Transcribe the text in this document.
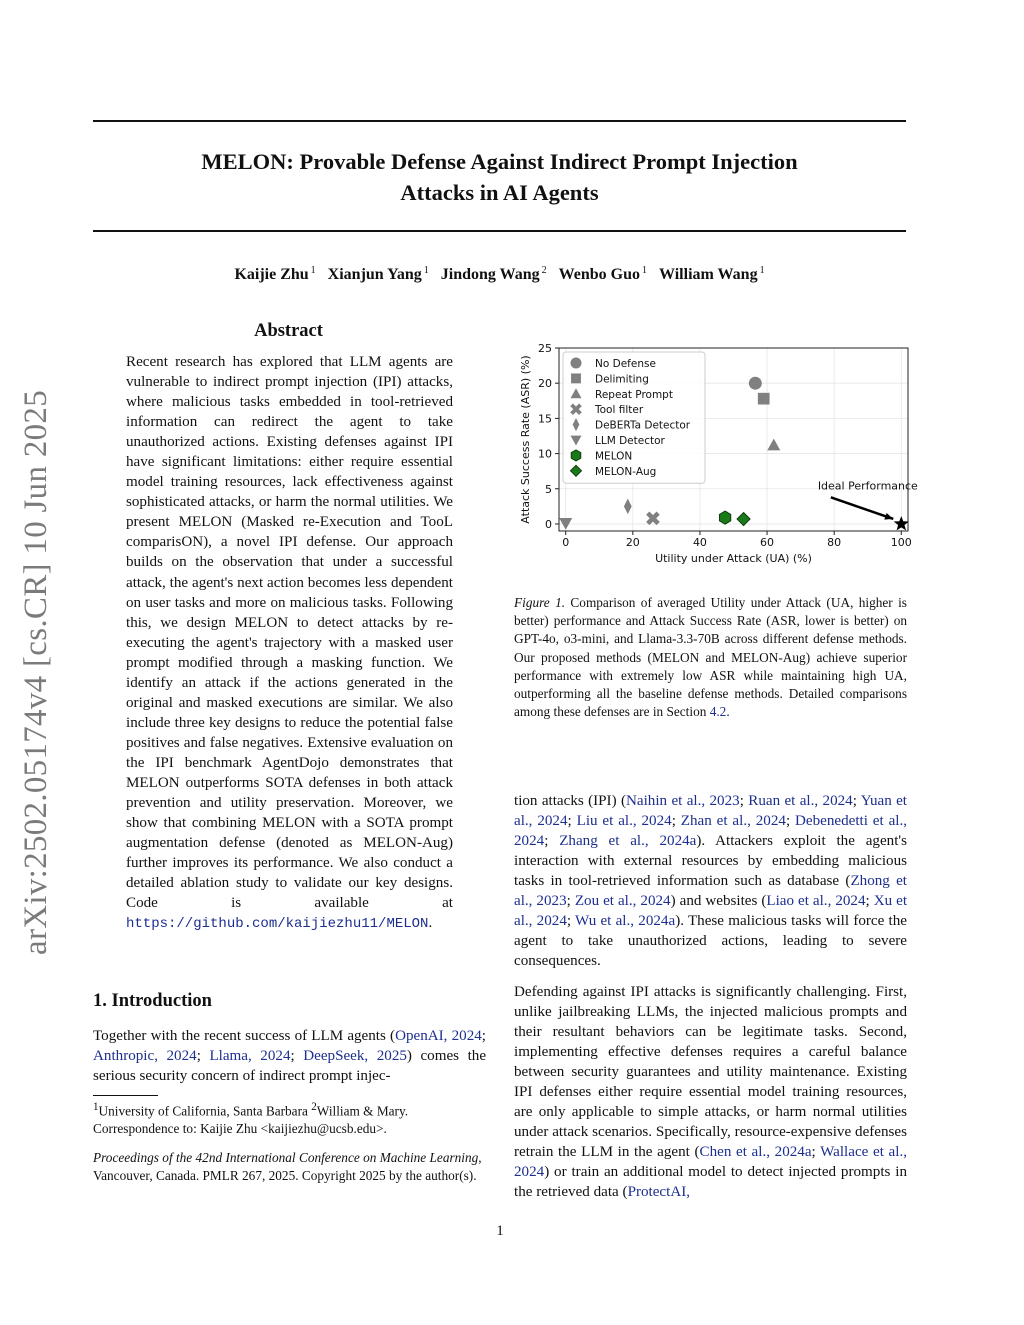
MELON: Provable Defense Against Indirect Prompt Injection
Attacks in AI Agents
Kaijie Zhu $^1$ Xianjun Yang $^1$ Jindong Wang $^2$ Wenbo Guo $^1$ William Wang $^1$
arXiv:2502.05174v4 [cs.CR] 10 Jun 2025
Abstract
Recent research has explored that LLM agents are vulnerable to indirect prompt injection (IPI) attacks, where malicious tasks embedded in tool-retrieved information can redirect the agent to take unauthorized actions. Existing defenses against IPI have significant limitations: either require essential model training resources, lack effectiveness against sophisticated attacks, or harm the normal utilities. We present MELON (Masked re-Execution and TooL comparisON), a novel IPI defense. Our approach builds on the observation that under a successful attack, the agent's next action becomes less dependent on user tasks and more on malicious tasks. Following this, we design MELON to detect attacks by re-executing the agent's trajectory with a masked user prompt modified through a masking function. We identify an attack if the actions generated in the original and masked executions are similar. We also include three key designs to reduce the potential false positives and false negatives. Extensive evaluation on the IPI benchmark AgentDojo demonstrates that MELON outperforms SOTA defenses in both attack prevention and utility preservation. Moreover, we show that combining MELON with a SOTA prompt augmentation defense (denoted as MELON-Aug) further improves its performance. We also conduct a detailed ablation study to validate our key designs. Code is available at https://github.com/kaijiezhu11/MELON.
1. Introduction
Together with the recent success of LLM agents (OpenAI, 2024; Anthropic, 2024; Llama, 2024; DeepSeek, 2025) comes the serious security concern of indirect prompt injec-
$^1$University of California, Santa Barbara $^2$William & Mary. Correspondence to: Kaijie Zhu <kaijiezhu@ucsb.edu>.
Proceedings of the 42nd International Conference on Machine Learning, Vancouver, Canada. PMLR 267, 2025. Copyright 2025 by the author(s).
0	20	40	60	80	100
0
5
10
15
20
25
Utility under Attack (UA) (%)
Attack Success Rate (ASR) (%)	Ideal Performance
No Defense
Delimiting
Repeat Prompt
Tool filter
DeBERTa Detector
LLM Detector
MELON
MELON-Aug
Figure 1. Comparison of averaged Utility under Attack (UA, higher is better) performance and Attack Success Rate (ASR, lower is better) on GPT-4o, o3-mini, and Llama-3.3-70B across different defense methods. Our proposed methods (MELON and MELON-Aug) achieve superior performance with extremely low ASR while maintaining high UA, outperforming all the baseline defense methods. Detailed comparisons among these defenses are in Section 4.2.
tion attacks (IPI) (Naihin et al., 2023; Ruan et al., 2024; Yuan et al., 2024; Liu et al., 2024; Zhan et al., 2024; Debenedetti et al., 2024; Zhang et al., 2024a). Attackers exploit the agent's interaction with external resources by embedding malicious tasks in tool-retrieved information such as database (Zhong et al., 2023; Zou et al., 2024) and websites (Liao et al., 2024; Xu et al., 2024; Wu et al., 2024a). These malicious tasks will force the agent to take unauthorized actions, leading to severe consequences.
Defending against IPI attacks is significantly challenging. First, unlike jailbreaking LLMs, the injected malicious prompts and their resultant behaviors can be legitimate tasks. Second, implementing effective defenses requires a careful balance between security guarantees and utility maintenance. Existing IPI defenses either require essential model training resources, are only applicable to simple attacks, or harm normal utilities under attack scenarios. Specifically, resource-expensive defenses retrain the LLM in the agent (Chen et al., 2024a; Wallace et al., 2024) or train an additional model to detect injected prompts in the retrieved data (ProtectAI,
1
